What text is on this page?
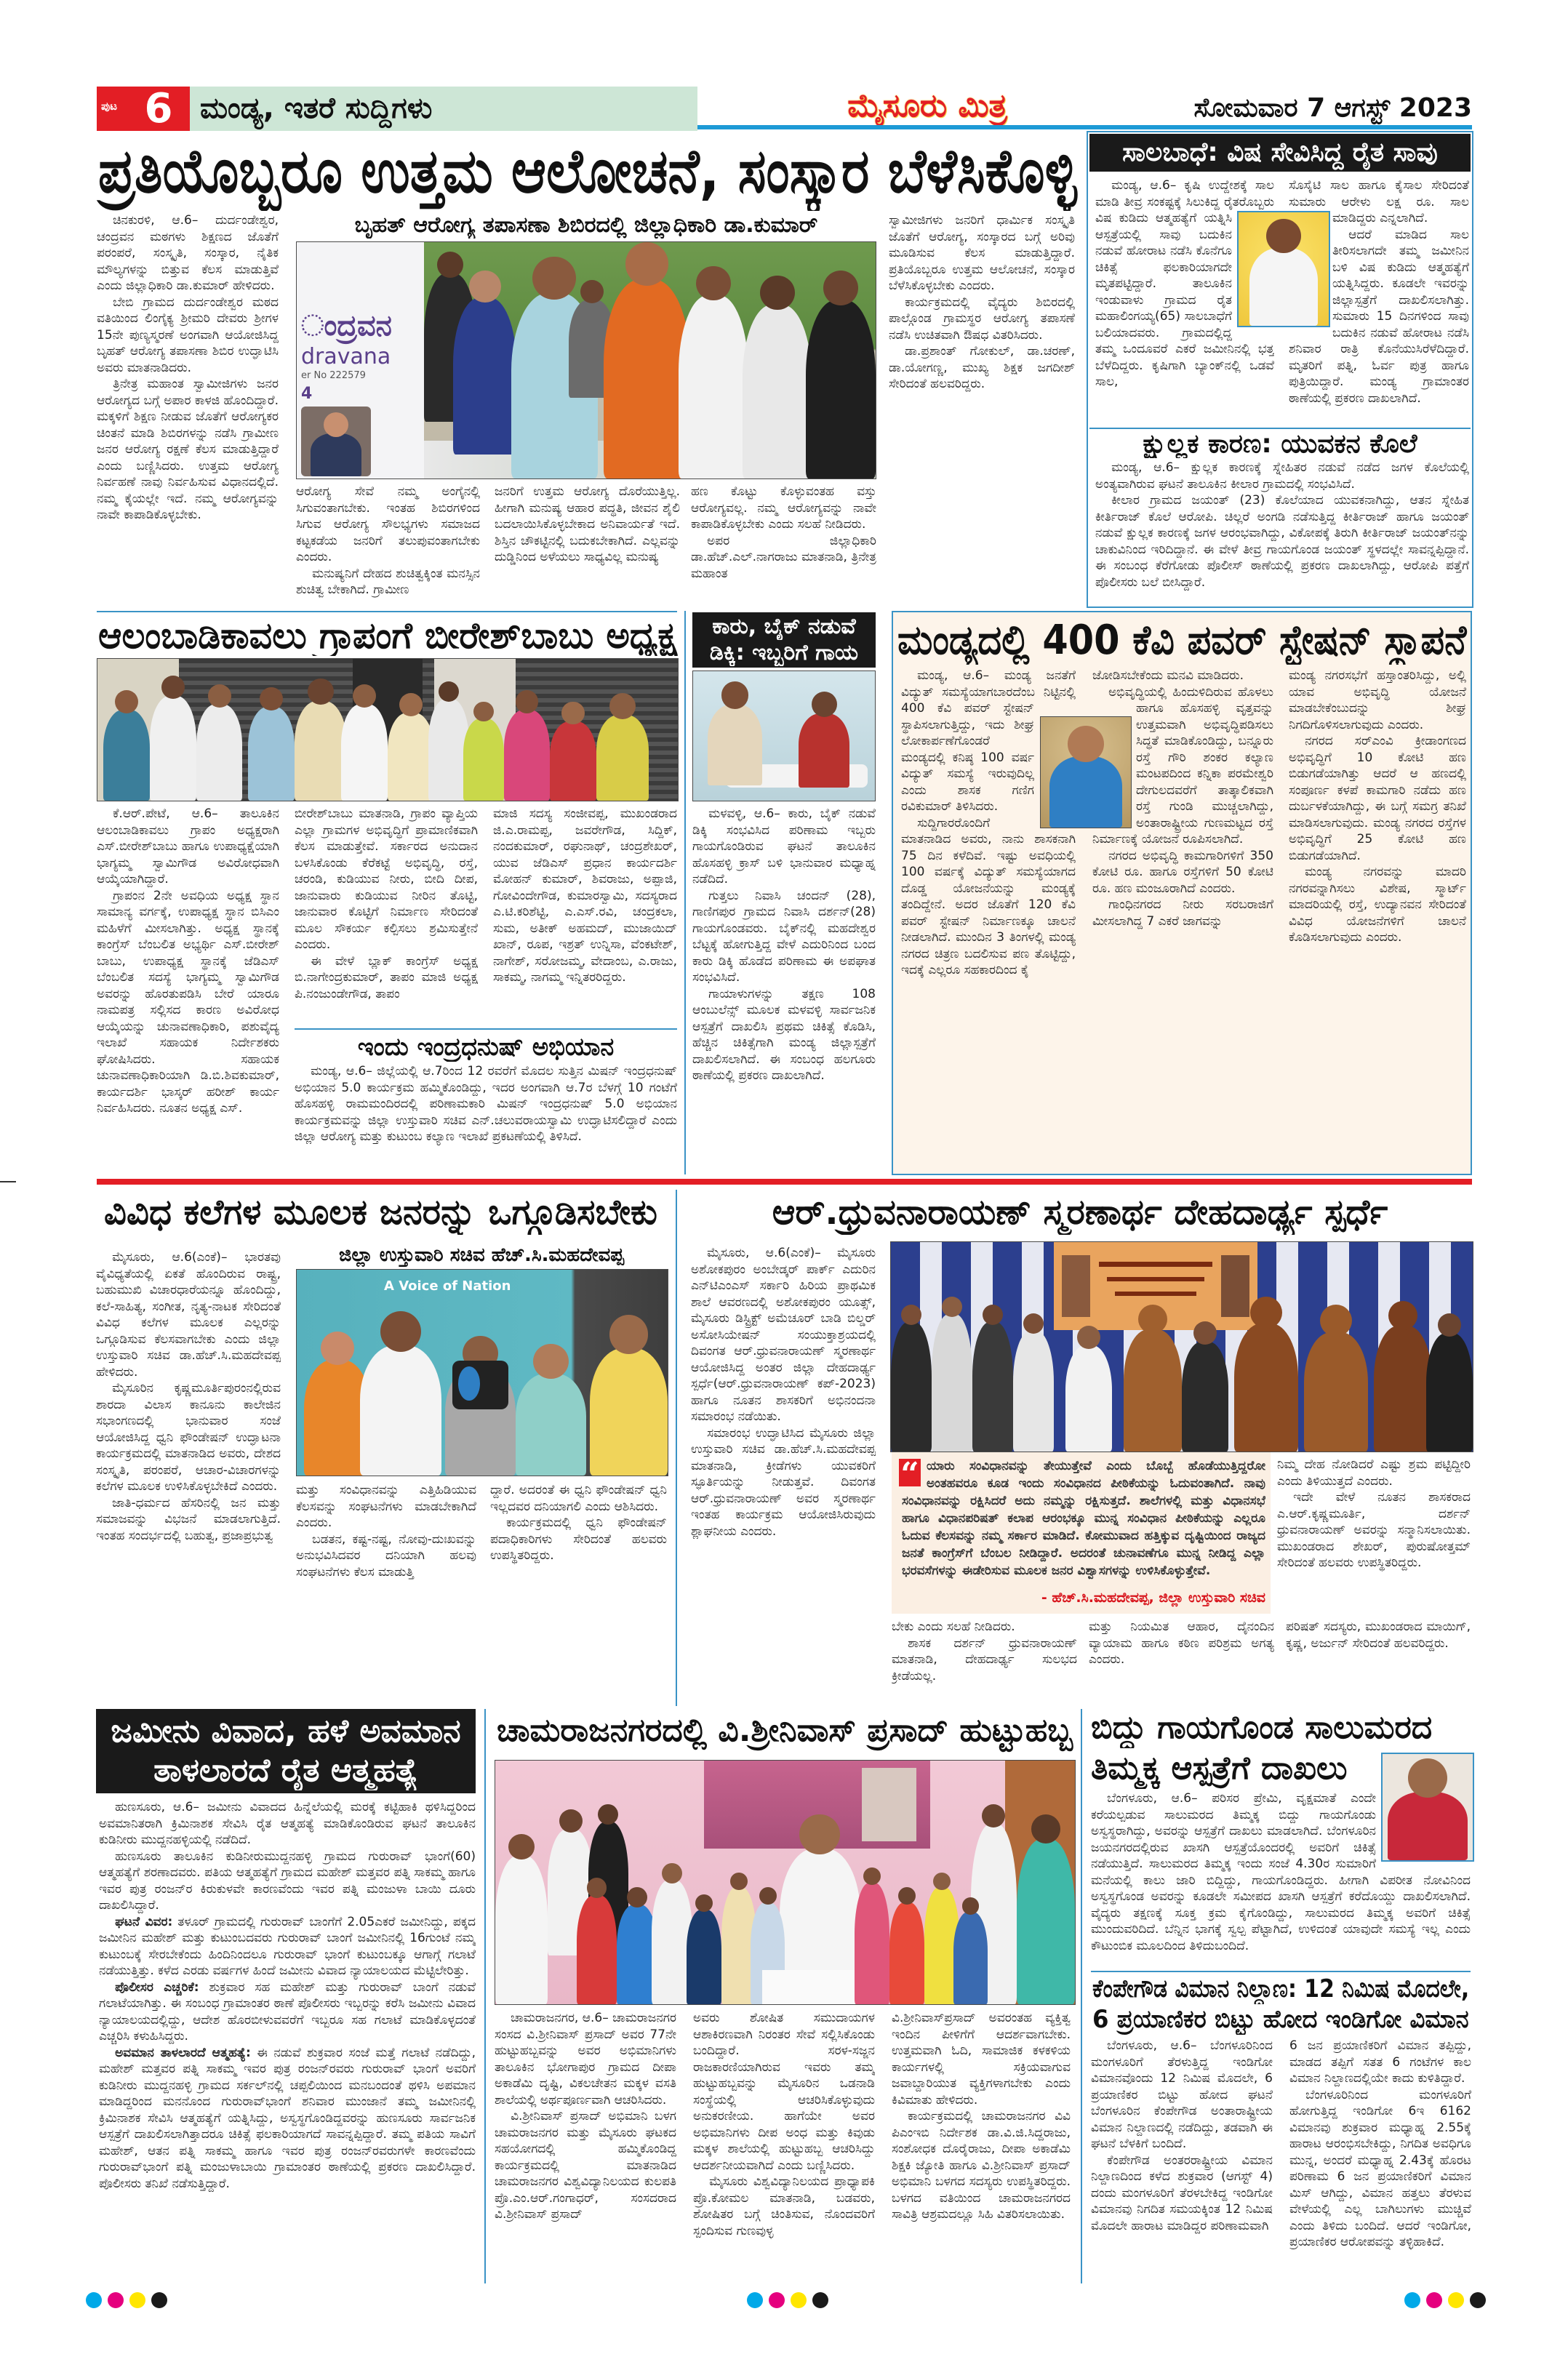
ಪುಟ 6 ಮಂಡ್ಯ, ಇತರೆ ಸುದ್ದಿಗಳು	ಮೈಸೂರು ಮಿತ್ರ	ಸೋಮವಾರ 7 ಆಗಸ್ಟ್ 2023
ಪ್ರತಿಯೊಬ್ಬರೂ ಉತ್ತಮ ಆಲೋಚನೆ, ಸಂಸ್ಕಾರ ಬೆಳೆಸಿಕೊಳ್ಳಿ

ಚಿನಕುರಳಿ, ಆ.6– ದುರ್ದಂಡೇಶ್ವರ, ಚಂದ್ರವನ ಮಠಗಳು ಶಿಕ್ಷಣದ ಜೊತೆಗೆ ಪರಂಪರೆ, ಸಂಸ್ಕೃತಿ, ಸಂಸ್ಕಾರ, ನೈತಿಕ ಮೌಲ್ಯಗಳನ್ನು ಬಿತ್ತುವ ಕೆಲಸ ಮಾಡುತ್ತಿವೆ ಎಂದು ಜಿಲ್ಲಾಧಿಕಾರಿ ಡಾ.ಕುಮಾರ್ ಹೇಳಿದರು.

ಬೇಬಿ ಗ್ರಾಮದ ದುರ್ದಂಡೇಶ್ವರ ಮಠದ ವತಿಯಿಂದ ಲಿಂಗೈಕ್ಯ ಶ್ರೀಮರಿ ದೇವರು ಶ್ರೀಗಳ 15ನೇ ಪುಣ್ಯಸ್ಮರಣೆ ಅಂಗವಾಗಿ ಆಯೋಜಿಸಿದ್ದ ಬೃಹತ್ ಆರೋಗ್ಯ ತಪಾಸಣಾ ಶಿಬಿರ ಉದ್ಘಾಟಿಸಿ ಅವರು ಮಾತನಾಡಿದರು.

ತ್ರಿನೇತ್ರ ಮಹಾಂತ ಸ್ವಾಮೀಜಿಗಳು ಜನರ ಆರೋಗ್ಯದ ಬಗ್ಗೆ ಅಪಾರ ಕಾಳಜಿ ಹೊಂದಿದ್ದಾರೆ. ಮಕ್ಕಳಿಗೆ ಶಿಕ್ಷಣ ನೀಡುವ ಜೊತೆಗೆ ಆರೋಗ್ಯಕರ ಚಿಂತನೆ ಮಾಡಿ ಶಿಬಿರಗಳನ್ನು ನಡೆಸಿ ಗ್ರಾಮೀಣ ಜನರ ಆರೋಗ್ಯ ರಕ್ಷಣೆ ಕೆಲಸ ಮಾಡುತ್ತಿದ್ದಾರೆ ಎಂದು ಬಣ್ಣಿಸಿದರು. ಉತ್ತಮ ಆರೋಗ್ಯ ನಿರ್ವಹಣೆ ನಾವು ನಿರ್ವಹಿಸುವ ವಿಧಾನದಲ್ಲಿದೆ. ನಮ್ಮ ಕೈಯಲ್ಲೇ ಇದೆ. ನಮ್ಮ ಆರೋಗ್ಯವನ್ನು ನಾವೇ ಕಾಪಾಡಿಕೊಳ್ಳಬೇಕು.

ಬೃಹತ್ ಆರೋಗ್ಯ ತಪಾಸಣಾ ಶಿಬಿರದಲ್ಲಿ ಜಿಲ್ಲಾಧಿಕಾರಿ ಡಾ.ಕುಮಾರ್
ಂದ್ರವನ
dravana
er No 222579
4

ಆರೋಗ್ಯ ಸೇವೆ ನಮ್ಮ ಅಂಗೈನಲ್ಲಿ ಸಿಗುವಂತಾಗಬೇಕು. ಇಂತಹ ಶಿಬಿರಗಳಿಂದ ಸಿಗುವ ಆರೋಗ್ಯ ಸೌಲಭ್ಯಗಳು ಸಮಾಜದ ಕಟ್ಟಕಡೆಯ ಜನರಿಗೆ ತಲುಪುವಂತಾಗಬೇಕು ಎಂದರು.

ಮನುಷ್ಯನಿಗೆ ದೇಹದ ಶುಚಿತ್ವಕ್ಕಿಂತ ಮನಸ್ಸಿನ ಶುಚಿತ್ವ ಬೇಕಾಗಿದೆ. ಗ್ರಾಮೀಣ

ಜನರಿಗೆ ಉತ್ತಮ ಆರೋಗ್ಯ ದೊರೆಯುತ್ತಿಲ್ಲ. ಹೀಗಾಗಿ ಮನುಷ್ಯ ಆಹಾರ ಪದ್ಧತಿ, ಜೀವನ ಶೈಲಿ ಬದಲಾಯಿಸಿಕೊಳ್ಳಬೇಕಾದ ಅನಿವಾರ್ಯತೆ ಇದೆ. ಶಿಸ್ತಿನ ಚೌಕಟ್ಟಿನಲ್ಲಿ ಬದುಕಬೇಕಾಗಿದೆ. ಎಲ್ಲವನ್ನು ದುಡ್ಡಿನಿಂದ ಅಳೆಯಲು ಸಾಧ್ಯವಿಲ್ಲ ಮನುಷ್ಯ

ಹಣ ಕೊಟ್ಟು ಕೊಳ್ಳುವಂತಹ ವಸ್ತು ಆರೋಗ್ಯವಲ್ಲ. ನಮ್ಮ ಆರೋಗ್ಯವನ್ನು ನಾವೇ ಕಾಪಾಡಿಕೊಳ್ಳಬೇಕು ಎಂದು ಸಲಹೆ ನೀಡಿದರು.

ಅಪರ ಜಿಲ್ಲಾಧಿಕಾರಿ ಡಾ.ಹೆಚ್.ಎಲ್.ನಾಗರಾಜು ಮಾತನಾಡಿ, ತ್ರಿನೇತ್ರ ಮಹಾಂತ

ಸ್ವಾಮೀಜಿಗಳು ಜನರಿಗೆ ಧಾರ್ಮಿಕ ಸಂಸ್ಕೃತಿ ಜೊತೆಗೆ ಆರೋಗ್ಯ, ಸಂಸ್ಕಾರದ ಬಗ್ಗೆ ಅರಿವು ಮೂಡಿಸುವ ಕೆಲಸ ಮಾಡುತ್ತಿದ್ದಾರೆ. ಪ್ರತಿಯೊಬ್ಬರೂ ಉತ್ತಮ ಆಲೋಚನೆ, ಸಂಸ್ಕಾರ ಬೆಳೆಸಿಕೊಳ್ಳಬೇಕು ಎಂದರು.

ಕಾರ್ಯಕ್ರಮದಲ್ಲಿ ವೈದ್ಯರು ಶಿಬಿರದಲ್ಲಿ ಪಾಲ್ಗೊಂಡ ಗ್ರಾಮಸ್ಥರ ಆರೋಗ್ಯ ತಪಾಸಣೆ ನಡೆಸಿ ಉಚಿತವಾಗಿ ಔಷಧ ವಿತರಿಸಿದರು.

ಡಾ.ಪ್ರಶಾಂತ್ ಗೋಕುಲ್, ಡಾ.ಚರಣ್, ಡಾ.ಯೋಗಣ್ಣ, ಮುಖ್ಯ ಶಿಕ್ಷಕ ಜಗದೀಶ್ ಸೇರಿದಂತೆ ಹಲವರಿದ್ದರು.

ಸಾಲಬಾಧೆ: ವಿಷ ಸೇವಿಸಿದ್ದ ರೈತ ಸಾವು

ಮಂಡ್ಯ, ಆ.6– ಕೃಷಿ ಉದ್ದೇಶಕ್ಕೆ ಸಾಲ ಮಾಡಿ ತೀವ್ರ ಸಂಕಷ್ಟಕ್ಕೆ ಸಿಲುಕಿದ್ದ ರೈತರೊಬ್ಬರು ವಿಷ ಕುಡಿದು ಆತ್ಮಹತ್ಯೆಗೆ ಯತ್ನಿಸಿ ಆಸ್ಪತ್ರೆಯಲ್ಲಿ ಸಾವು ಬದುಕಿನ ನಡುವೆ ಹೋರಾಟ ನಡೆಸಿ ಕೊನೆಗೂ ಚಿಕಿತ್ಸೆ ಫಲಕಾರಿಯಾಗದೇ ಮೃತಪಟ್ಟಿದ್ದಾರೆ. ತಾಲೂಕಿನ ಇಂಡುವಾಳು ಗ್ರಾಮದ ರೈತ ಮಹಾಲಿಂಗಯ್ಯ(65) ಸಾಲಬಾಧೆಗೆ ಬಲಿಯಾದವರು. ಗ್ರಾಮದಲ್ಲಿದ್ದ ತಮ್ಮ ಒಂದೂವರೆ ಎಕರೆ ಜಮೀನಿನಲ್ಲಿ ಭತ್ತ ಬೆಳೆದಿದ್ದರು. ಕೃಷಿಗಾಗಿ ಬ್ಯಾಂಕ್‌ನಲ್ಲಿ ಒಡವೆ ಸಾಲ,

ಸೊಸೈಟಿ ಸಾಲ ಹಾಗೂ ಕೈಸಾಲ ಸೇರಿದಂತೆ ಸುಮಾರು ಆರೇಳು ಲಕ್ಷ ರೂ. ಸಾಲ ಮಾಡಿದ್ದರು ಎನ್ನಲಾಗಿದೆ.

ಆದರೆ ಮಾಡಿದ ಸಾಲ ತೀರಿಸಲಾಗದೇ ತಮ್ಮ ಜಮೀನಿನ ಬಳಿ ವಿಷ ಕುಡಿದು ಆತ್ಮಹತ್ಯೆಗೆ ಯತ್ನಿಸಿದ್ದರು. ಕೂಡಲೇ ಇವರನ್ನು ಜಿಲ್ಲಾಸ್ಪತ್ರೆಗೆ ದಾಖಲಿಸಲಾಗಿತ್ತು. ಸುಮಾರು 15 ದಿನಗಳಿಂದ ಸಾವು ಬದುಕಿನ ನಡುವೆ ಹೋರಾಟ ನಡೆಸಿ ಶನಿವಾರ ರಾತ್ರಿ ಕೊನೆಯುಸಿರೆಳೆದಿದ್ದಾರೆ. ಮೃತರಿಗೆ ಪತ್ನಿ, ಓರ್ವ ಪುತ್ರ ಹಾಗೂ ಪುತ್ರಿಯಿದ್ದಾರೆ. ಮಂಡ್ಯ ಗ್ರಾಮಾಂತರ ಠಾಣೆಯಲ್ಲಿ ಪ್ರಕರಣ ದಾಖಲಾಗಿದೆ.

ಕ್ಷುಲ್ಲಕ ಕಾರಣ: ಯುವಕನ ಕೊಲೆ

ಮಂಡ್ಯ, ಆ.6– ಕ್ಷುಲ್ಲಕ ಕಾರಣಕ್ಕೆ ಸ್ನೇಹಿತರ ನಡುವೆ ನಡೆದ ಜಗಳ ಕೊಲೆಯಲ್ಲಿ ಅಂತ್ಯವಾಗಿರುವ ಘಟನೆ ತಾಲೂಕಿನ ಕೀಲಾರ ಗ್ರಾಮದಲ್ಲಿ ಸಂಭವಿಸಿದೆ.

ಕೀಲಾರ ಗ್ರಾಮದ ಜಯಂತ್ (23) ಕೊಲೆಯಾದ ಯುವಕನಾಗಿದ್ದು, ಆತನ ಸ್ನೇಹಿತ ಕೀರ್ತಿರಾಜ್ ಕೊಲೆ ಆರೋಪಿ. ಚಿಲ್ಲರೆ ಅಂಗಡಿ ನಡೆಸುತ್ತಿದ್ದ ಕೀರ್ತಿರಾಜ್ ಹಾಗೂ ಜಯಂತ್ ನಡುವೆ ಕ್ಷುಲ್ಲಕ ಕಾರಣಕ್ಕೆ ಜಗಳ ಆರಂಭವಾಗಿದ್ದು, ವಿಕೋಪಕ್ಕೆ ತಿರುಗಿ ಕೀರ್ತಿರಾಜ್ ಜಯಂತ್‌ನನ್ನು ಚಾಕುವಿನಿಂದ ಇರಿದಿದ್ದಾನೆ. ಈ ವೇಳೆ ತೀವ್ರ ಗಾಯಗೊಂಡ ಜಯಂತ್ ಸ್ಥಳದಲ್ಲೇ ಸಾವನ್ನಪ್ಪಿದ್ದಾನೆ. ಈ ಸಂಬಂಧ ಕೆರೆಗೋಡು ಪೊಲೀಸ್ ಠಾಣೆಯಲ್ಲಿ ಪ್ರಕರಣ ದಾಖಲಾಗಿದ್ದು, ಆರೋಪಿ ಪತ್ತೆಗೆ ಪೊಲೀಸರು ಬಲೆ ಬೀಸಿದ್ದಾರೆ.

ಆಲಂಬಾಡಿಕಾವಲು ಗ್ರಾಪಂಗೆ ಬೀರೇಶ್‌ಬಾಬು ಅಧ್ಯಕ್ಷ

ಕೆ.ಆರ್.ಪೇಟೆ, ಆ.6– ತಾಲೂಕಿನ ಆಲಂಬಾಡಿಕಾವಲು ಗ್ರಾಪಂ ಅಧ್ಯಕ್ಷರಾಗಿ ಎಸ್.ಬೀರೇಶ್‌ಬಾಬು ಹಾಗೂ ಉಪಾಧ್ಯಕ್ಷೆಯಾಗಿ ಭಾಗ್ಯಮ್ಮ ಸ್ವಾಮಿಗೌಡ ಅವಿರೋಧವಾಗಿ ಆಯ್ಕೆಯಾಗಿದ್ದಾರೆ.

ಗ್ರಾಪಂನ 2ನೇ ಅವಧಿಯ ಅಧ್ಯಕ್ಷ ಸ್ಥಾನ ಸಾಮಾನ್ಯ ವರ್ಗಕ್ಕೆ, ಉಪಾಧ್ಯಕ್ಷ ಸ್ಥಾನ ಬಿಸಿಎಂ ಮಹಿಳೆಗೆ ಮೀಸಲಾಗಿತ್ತು. ಅಧ್ಯಕ್ಷ ಸ್ಥಾನಕ್ಕೆ ಕಾಂಗ್ರೆಸ್ ಬೆಂಬಲಿತ ಅಭ್ಯರ್ಥಿ ಎಸ್.ಬೀರೇಶ್ ಬಾಬು, ಉಪಾಧ್ಯಕ್ಷ ಸ್ಥಾನಕ್ಕೆ ಜೆಡಿಎಸ್ ಬೆಂಬಲಿತ ಸದಸ್ಯೆ ಭಾಗ್ಯಮ್ಮ ಸ್ವಾಮಿಗೌಡ ಅವರನ್ನು ಹೊರತುಪಡಿಸಿ ಬೇರೆ ಯಾರೂ ನಾಮಪತ್ರ ಸಲ್ಲಿಸದ ಕಾರಣ ಅವಿರೋಧ ಆಯ್ಕೆಯನ್ನು ಚುನಾವಣಾಧಿಕಾರಿ, ಪಶುವೈದ್ಯ ಇಲಾಖೆ ಸಹಾಯಕ ನಿರ್ದೇಶಕರು ಘೋಷಿಸಿದರು. ಸಹಾಯಕ ಚುನಾವಣಾಧಿಕಾರಿಯಾಗಿ ಡಿ.ಬಿ.ಶಿವಕುಮಾರ್, ಕಾರ್ಯದರ್ಶಿ ಭಾಸ್ಕರ್ ಹರೀಶ್ ಕಾರ್ಯ ನಿರ್ವಹಿಸಿದರು. ನೂತನ ಅಧ್ಯಕ್ಷ ಎಸ್.

ಬೀರೇಶ್‌ಬಾಬು ಮಾತನಾಡಿ, ಗ್ರಾಪಂ ವ್ಯಾಪ್ತಿಯ ಎಲ್ಲಾ ಗ್ರಾಮಗಳ ಅಭಿವೃದ್ಧಿಗೆ ಪ್ರಾಮಾಣಿಕವಾಗಿ ಕೆಲಸ ಮಾಡುತ್ತೇವೆ. ಸರ್ಕಾರದ ಅನುದಾನ ಬಳಸಿಕೊಂಡು ಕೆರೆಕಟ್ಟೆ ಅಭಿವೃದ್ಧಿ, ರಸ್ತೆ, ಚರಂಡಿ, ಕುಡಿಯುವ ನೀರು, ಬೀದಿ ದೀಪ, ಜಾನುವಾರು ಕುಡಿಯುವ ನೀರಿನ ತೊಟ್ಟಿ, ಜಾನುವಾರ ಕೊಟ್ಟಿಗೆ ನಿರ್ಮಾಣ ಸೇರಿದಂತೆ ಮೂಲ ಸೌಕರ್ಯ ಕಲ್ಪಿಸಲು ಶ್ರಮಿಸುತ್ತೇನೆ ಎಂದರು.

ಈ ವೇಳೆ ಬ್ಲಾಕ್ ಕಾಂಗ್ರೆಸ್ ಅಧ್ಯಕ್ಷ ಬಿ.ನಾಗೇಂದ್ರಕುಮಾರ್, ತಾಪಂ ಮಾಜಿ ಅಧ್ಯಕ್ಷ ಪಿ.ನಂಜುಂಡೇಗೌಡ, ತಾಪಂ

ಮಾಜಿ ಸದಸ್ಯ ಸಂಜೀವಪ್ಪ, ಮುಖಂಡರಾದ ಜಿ.ಎ.ರಾಮಪ್ಪ, ಜವರೇಗೌಡ, ಸಿದ್ದಿಕ್, ನಂದಕುಮಾರ್, ರಘುನಾಥ್, ಚಂದ್ರಶೇಖರ್, ಯುವ ಜೆಡಿಎಸ್ ಪ್ರಧಾನ ಕಾರ್ಯದರ್ಶಿ ಮೋಹನ್ ಕುಮಾರ್, ಶಿವರಾಜು, ಅಪ್ಪಾಜಿ, ಗೋವಿಂದೇಗೌಡ, ಕುಮಾರಸ್ವಾಮಿ, ಸದಸ್ಯರಾದ ಎ.ಟಿ.ಕರಿಶೆಟ್ಟಿ, ಎ.ಎಸ್.ರವಿ, ಚಂದ್ರಕಲಾ, ಸುಮ, ಅತೀಕ್ ಅಹಮದ್, ಮುಜಾಯಿದ್ ಖಾನ್, ರೂಪ, ಇಶ್ರತ್ ಉನ್ನಿಸಾ, ವೆಂಕಟೇಶ್, ನಾಗೇಶ್, ಸರೋಜಮ್ಮ, ವೇದಾಂಬ, ಎ.ರಾಜು, ಸಾಕಮ್ಮ, ನಾಗಮ್ಮ ಇನ್ನಿತರರಿದ್ದರು.

ಇಂದು ಇಂದ್ರಧನುಷ್ ಅಭಿಯಾನ

ಮಂಡ್ಯ, ಆ.6– ಜಿಲ್ಲೆಯಲ್ಲಿ ಆ.7ರಿಂದ 12 ರವರೆಗೆ ಮೊದಲ ಸುತ್ತಿನ ಮಿಷನ್ ಇಂದ್ರಧನುಷ್ ಅಭಿಯಾನ 5.0 ಕಾರ್ಯಕ್ರಮ ಹಮ್ಮಿಕೊಂಡಿದ್ದು, ಇದರ ಅಂಗವಾಗಿ ಆ.7ರ ಬೆಳಗ್ಗೆ 10 ಗಂಟೆಗೆ ಹೊಸಹಳ್ಳಿ ರಾಮಮಂದಿರದಲ್ಲಿ ಪರಿಣಾಮಕಾರಿ ಮಿಷನ್ ಇಂದ್ರಧನುಷ್ 5.0 ಅಭಿಯಾನ ಕಾರ್ಯಕ್ರಮವನ್ನು ಜಿಲ್ಲಾ ಉಸ್ತುವಾರಿ ಸಚಿವ ಎನ್.ಚಲುವರಾಯಸ್ವಾಮಿ ಉದ್ಘಾಟಿಸಲಿದ್ದಾರೆ ಎಂದು ಜಿಲ್ಲಾ ಆರೋಗ್ಯ ಮತ್ತು ಕುಟುಂಬ ಕಲ್ಯಾಣ ಇಲಾಖೆ ಪ್ರಕಟಣೆಯಲ್ಲಿ ತಿಳಿಸಿದೆ.

ಕಾರು, ಬೈಕ್ ನಡುವೆ
ಡಿಕ್ಕಿ: ಇಬ್ಬರಿಗೆ ಗಾಯ

ಮಳವಳ್ಳಿ, ಆ.6– ಕಾರು, ಬೈಕ್ ನಡುವೆ ಡಿಕ್ಕಿ ಸಂಭವಿಸಿದ ಪರಿಣಾಮ ಇಬ್ಬರು ಗಾಯಗೊಂಡಿರುವ ಘಟನೆ ತಾಲೂಕಿನ ಹೊಸಹಳ್ಳಿ ಕ್ರಾಸ್ ಬಳಿ ಭಾನುವಾರ ಮಧ್ಯಾಹ್ನ ನಡೆದಿದೆ.

ಗುತ್ತಲು ನಿವಾಸಿ ಚಂದನ್ (28), ಗಾಣಿಗಪುರ ಗ್ರಾಮದ ನಿವಾಸಿ ದರ್ಶನ್(28) ಗಾಯಗೊಂಡವರು. ಬೈಕ್‌ನಲ್ಲಿ ಮಹದೇಶ್ವರ ಬೆಟ್ಟಕ್ಕೆ ಹೋಗುತ್ತಿದ್ದ ವೇಳೆ ಎದುರಿನಿಂದ ಬಂದ ಕಾರು ಡಿಕ್ಕಿ ಹೊಡೆದ ಪರಿಣಾಮ ಈ ಅಪಘಾತ ಸಂಭವಿಸಿದೆ.

ಗಾಯಾಳುಗಳನ್ನು ತಕ್ಷಣ 108 ಆಂಬುಲೆನ್ಸ್ ಮೂಲಕ ಮಳವಳ್ಳಿ ಸಾರ್ವಜನಿಕ ಆಸ್ಪತ್ರೆಗೆ ದಾಖಲಿಸಿ ಪ್ರಥಮ ಚಿಕಿತ್ಸೆ ಕೊಡಿಸಿ, ಹೆಚ್ಚಿನ ಚಿಕಿತ್ಸೆಗಾಗಿ ಮಂಡ್ಯ ಜಿಲ್ಲಾಸ್ಪತ್ರೆಗೆ ದಾಖಲಿಸಲಾಗಿದೆ. ಈ ಸಂಬಂಧ ಹಲಗೂರು ಠಾಣೆಯಲ್ಲಿ ಪ್ರಕರಣ ದಾಖಲಾಗಿದೆ.

ಮಂಡ್ಯದಲ್ಲಿ 400 ಕೆವಿ ಪವರ್ ಸ್ಟೇಷನ್ ಸ್ಥಾಪನೆ

ಮಂಡ್ಯ, ಆ.6– ಮಂಡ್ಯ ಜನತೆಗೆ ವಿದ್ಯುತ್ ಸಮಸ್ಯೆಯಾಗಬಾರದೆಂಬ ನಿಟ್ಟಿನಲ್ಲಿ 400 ಕೆವಿ ಪವರ್ ಸ್ಟೇಷನ್ ಸ್ಥಾಪಿಸಲಾಗುತ್ತಿದ್ದು, ಇದು ಶೀಘ್ರ ಲೋಕಾರ್ಪಣೆಗೊಂಡರೆ ಮಂಡ್ಯದಲ್ಲಿ ಕನಿಷ್ಠ 100 ವರ್ಷ ವಿದ್ಯುತ್ ಸಮಸ್ಯೆ ಇರುವುದಿಲ್ಲ ಎಂದು ಶಾಸಕ ಗಣಿಗ ರವಿಕುಮಾರ್ ತಿಳಿಸಿದರು.

ಸುದ್ದಿಗಾರರೊಂದಿಗೆ ಮಾತನಾಡಿದ ಅವರು, ನಾನು ಶಾಸಕನಾಗಿ 75 ದಿನ ಕಳೆದಿವೆ. ಇಷ್ಟು ಅವಧಿಯಲ್ಲಿ 100 ವರ್ಷಕ್ಕೆ ವಿದ್ಯುತ್ ಸಮಸ್ಯೆಯಾಗದ ದೊಡ್ಡ ಯೋಜನೆಯನ್ನು ಮಂಡ್ಯಕ್ಕೆ ತಂದಿದ್ದೇನೆ. ಅದರ ಜೊತೆಗೆ 120 ಕೆವಿ ಪವರ್ ಸ್ಟೇಷನ್ ನಿರ್ಮಾಣಕ್ಕೂ ಚಾಲನೆ ನೀಡಲಾಗಿದೆ. ಮುಂದಿನ 3 ತಿಂಗಳಲ್ಲಿ ಮಂಡ್ಯ ನಗರದ ಚಿತ್ರಣ ಬದಲಿಸುವ ಪಣ ತೊಟ್ಟಿದ್ದು, ಇದಕ್ಕೆ ಎಲ್ಲರೂ ಸಹಕಾರದಿಂದ ಕೈ

ಜೋಡಿಸಬೇಕೆಂದು ಮನವಿ ಮಾಡಿದರು.

ಅಭಿವೃದ್ಧಿಯಲ್ಲಿ ಹಿಂದುಳಿದಿರುವ ಹೊಳಲು ಹಾಗೂ ಹೊಸಹಳ್ಳಿ ವೃತ್ತವನ್ನು ಉತ್ತಮವಾಗಿ ಅಭಿವೃದ್ಧಿಪಡಿಸಲು ಸಿದ್ಧತೆ ಮಾಡಿಕೊಂಡಿದ್ದು, ಬನ್ನೂರು ರಸ್ತೆ ಗೌರಿ ಶಂಕರ ಕಲ್ಯಾಣ ಮಂಟಪದಿಂದ ಕನ್ನಿಕಾ ಪರಮೇಶ್ವರಿ ದೇಗುಲದವರೆಗೆ ತಾತ್ಕಾಲಿಕವಾಗಿ ರಸ್ತೆ ಗುಂಡಿ ಮುಚ್ಚಲಾಗಿದ್ದು, ಅಂತಾರಾಷ್ಟ್ರೀಯ ಗುಣಮಟ್ಟದ ರಸ್ತೆ ನಿರ್ಮಾಣಕ್ಕೆ ಯೋಜನೆ ರೂಪಿಸಲಾಗಿದೆ.

ನಗರದ ಅಭಿವೃದ್ಧಿ ಕಾಮಗಾರಿಗಳಿಗೆ 350 ಕೋಟಿ ರೂ. ಹಾಗೂ ರಸ್ತೆಗಳಿಗೆ 50 ಕೋಟಿ ರೂ. ಹಣ ಮಂಜೂರಾಗಿದೆ ಎಂದರು.

ಗಾಂಧಿನಗರದ ನೀರು ಸರಬರಾಜಿಗೆ ಮೀಸಲಾಗಿದ್ದ 7 ಎಕರೆ ಜಾಗವನ್ನು

ಮಂಡ್ಯ ನಗರಸಭೆಗೆ ಹಸ್ತಾಂತರಿಸಿದ್ದು, ಅಲ್ಲಿ ಯಾವ ಅಭಿವೃದ್ಧಿ ಯೋಜನೆ ಮಾಡಬೇಕೆಂಬುದನ್ನು ಶೀಘ್ರ ನಿಗದಿಗೊಳಿಸಲಾಗುವುದು ಎಂದರು.

ನಗರದ ಸರ್‌ಎಂವಿ ಕ್ರೀಡಾಂಗಣದ ಅಭಿವೃದ್ಧಿಗೆ 10 ಕೋಟಿ ಹಣ ಬಿಡುಗಡೆಯಾಗಿತ್ತು ಆದರೆ ಆ ಹಣದಲ್ಲಿ ಸಂಪೂರ್ಣ ಕಳಪೆ ಕಾಮಗಾರಿ ನಡೆದು ಹಣ ದುರ್ಬಳಕೆಯಾಗಿದ್ದು, ಈ ಬಗ್ಗೆ ಸಮಗ್ರ ತನಿಖೆ ಮಾಡಿಸಲಾಗುವುದು. ಮಂಡ್ಯ ನಗರದ ರಸ್ತೆಗಳ ಅಭಿವೃದ್ಧಿಗೆ 25 ಕೋಟಿ ಹಣ ಬಿಡುಗಡೆಯಾಗಿದೆ.

ಮಂಡ್ಯ ನಗರವನ್ನು ಮಾದರಿ ನಗರವನ್ನಾಗಿಸಲು ವಿಶೇಷ, ಸ್ಮಾರ್ಟ್ ಮಾದರಿಯಲ್ಲಿ ರಸ್ತೆ, ಉದ್ಯಾನವನ ಸೇರಿದಂತೆ ವಿವಿಧ ಯೋಜನೆಗಳಿಗೆ ಚಾಲನೆ ಕೊಡಿಸಲಾಗುವುದು ಎಂದರು.

ವಿವಿಧ ಕಲೆಗಳ ಮೂಲಕ ಜನರನ್ನು ಒಗ್ಗೂಡಿಸಬೇಕು

ಮೈಸೂರು, ಆ.6(ಎಂಕೆ)– ಭಾರತವು ವೈವಿಧ್ಯತೆಯಲ್ಲಿ ಏಕತೆ ಹೊಂದಿರುವ ರಾಷ್ಟ್ರ, ಬಹುಮುಖಿ ವಿಚಾರಧಾರೆಯನ್ನೂ ಹೊಂದಿದ್ದು, ಕಲೆ-ಸಾಹಿತ್ಯ, ಸಂಗೀತ, ನೃತ್ಯ-ನಾಟಕ ಸೇರಿದಂತೆ ವಿವಿಧ ಕಲೆಗಳ ಮೂಲಕ ಎಲ್ಲರನ್ನು ಒಗ್ಗೂಡಿಸುವ ಕೆಲಸವಾಗಬೇಕು ಎಂದು ಜಿಲ್ಲಾ ಉಸ್ತುವಾರಿ ಸಚಿವ ಡಾ.ಹೆಚ್.ಸಿ.ಮಹದೇವಪ್ಪ ಹೇಳಿದರು.

ಮೈಸೂರಿನ ಕೃಷ್ಣಮೂರ್ತಿಪುರಂನಲ್ಲಿರುವ ಶಾರದಾ ವಿಲಾಸ ಕಾನೂನು ಕಾಲೇಜಿನ ಸಭಾಂಗಣದಲ್ಲಿ ಭಾನುವಾರ ಸಂಜೆ ಆಯೋಜಿಸಿದ್ದ ಧ್ವನಿ ಫೌಂಡೇಷನ್ ಉದ್ಘಾಟನಾ ಕಾರ್ಯಕ್ರಮದಲ್ಲಿ ಮಾತನಾಡಿದ ಅವರು, ದೇಶದ ಸಂಸ್ಕೃತಿ, ಪರಂಪರೆ, ಆಚಾರ-ವಿಚಾರಗಳನ್ನು ಕಲೆಗಳ ಮೂಲಕ ಉಳಿಸಿಕೊಳ್ಳಬೇಕಿದೆ ಎಂದರು.

ಜಾತಿ-ಧರ್ಮದ ಹೆಸರಿನಲ್ಲಿ ಜನ ಮತ್ತು ಸಮಾಜವನ್ನು ವಿಭಜನೆ ಮಾಡಲಾಗುತ್ತಿದೆ. ಇಂತಹ ಸಂದರ್ಭದಲ್ಲಿ ಬಹುತ್ವ, ಪ್ರಜಾಪ್ರಭುತ್ವ

ಜಿಲ್ಲಾ ಉಸ್ತುವಾರಿ ಸಚಿವ ಹೆಚ್.ಸಿ.ಮಹದೇವಪ್ಪ
A Voice of Nation

ಮತ್ತು ಸಂವಿಧಾನವನ್ನು ಎತ್ತಿಹಿಡಿಯುವ ಕೆಲಸವನ್ನು ಸಂಘಟನೆಗಳು ಮಾಡಬೇಕಾಗಿದೆ ಎಂದರು.

ಬಡತನ, ಕಷ್ಟ-ನಷ್ಟ, ನೋವು-ದುಃಖವನ್ನು ಅನುಭವಿಸಿದವರ ದನಿಯಾಗಿ ಹಲವು ಸಂಘಟನೆಗಳು ಕೆಲಸ ಮಾಡುತ್ತಿ

ದ್ದಾರೆ. ಅದರಂತೆ ಈ ಧ್ವನಿ ಫೌಂಡೇಷನ್ ಧ್ವನಿ ಇಲ್ಲದವರ ದನಿಯಾಗಲಿ ಎಂದು ಆಶಿಸಿದರು.

ಕಾರ್ಯಕ್ರಮದಲ್ಲಿ ಧ್ವನಿ ಫೌಂಡೇಷನ್ ಪದಾಧಿಕಾರಿಗಳು ಸೇರಿದಂತೆ ಹಲವರು ಉಪಸ್ಥಿತರಿದ್ದರು.

ಆರ್.ಧ್ರುವನಾರಾಯಣ್ ಸ್ಮರಣಾರ್ಥ ದೇಹದಾರ್ಢ್ಯ ಸ್ಪರ್ಧೆ

ಮೈಸೂರು, ಆ.6(ಎಂಕೆ)– ಮೈಸೂರು ಅಶೋಕಪುರಂ ಅಂಬೇಡ್ಕರ್ ಪಾರ್ಕ್ ಎದುರಿನ ಎನ್‌ಟಿಎಂಎಸ್ ಸರ್ಕಾರಿ ಹಿರಿಯ ಪ್ರಾಥಮಿಕ ಶಾಲೆ ಆವರಣದಲ್ಲಿ ಅಶೋಕಪುರಂ ಯೂತ್ಸ್, ಮೈಸೂರು ಡಿಸ್ಟ್ರಿಕ್ಟ್ ಅಮೆಚೂರ್ ಬಾಡಿ ಬಿಲ್ಡರ್ ಅಸೋಸಿಯೇಷನ್ ಸಂಯುಕ್ತಾಶ್ರಯದಲ್ಲಿ ದಿವಂಗತ ಆರ್.ಧ್ರುವನಾರಾಯಣ್ ಸ್ಮರಣಾರ್ಥ ಆಯೋಜಿಸಿದ್ದ ಅಂತರ ಜಿಲ್ಲಾ ದೇಹದಾರ್ಢ್ಯ ಸ್ಪರ್ಧೆ(ಆರ್.ಧ್ರುವನಾರಾಯಣ್ ಕಪ್-2023) ಹಾಗೂ ನೂತನ ಶಾಸಕರಿಗೆ ಅಭಿನಂದನಾ ಸಮಾರಂಭ ನಡೆಯಿತು.

ಸಮಾರಂಭ ಉದ್ಘಾಟಿಸಿದ ಮೈಸೂರು ಜಿಲ್ಲಾ ಉಸ್ತುವಾರಿ ಸಚಿವ ಡಾ.ಹೆಚ್.ಸಿ.ಮಹದೇವಪ್ಪ ಮಾತನಾಡಿ, ಕ್ರೀಡೆಗಳು ಯುವಕರಿಗೆ ಸ್ಫೂರ್ತಿಯನ್ನು ನೀಡುತ್ತವೆ. ದಿವಂಗತ ಆರ್.ಧ್ರುವನಾರಾಯಣ್ ಅವರ ಸ್ಮರಣಾರ್ಥ ಇಂತಹ ಕಾರ್ಯಕ್ರಮ ಆಯೋಜಿಸಿರುವುದು ಶ್ಲಾಘನೀಯ ಎಂದರು.

“ ಯಾರು ಸಂವಿಧಾನವನ್ನು ತೇಯುತ್ತೇವೆ ಎಂದು ಬೊಬ್ಬೆ ಹೊಡೆಯುತ್ತಿದ್ದರೋ ಅಂತಹವರೂ ಕೂಡ ಇಂದು ಸಂವಿಧಾನದ ಪೀಠಿಕೆಯನ್ನು ಓದುವಂತಾಗಿದೆ. ನಾವು ಸಂವಿಧಾನವನ್ನು ರಕ್ಷಿಸಿದರೆ ಅದು ನಮ್ಮನ್ನು ರಕ್ಷಿಸುತ್ತದೆ. ಶಾಲೆಗಳಲ್ಲಿ ಮತ್ತು ವಿಧಾನಸಭೆ ಹಾಗೂ ವಿಧಾನಪರಿಷತ್ ಕಲಾಪ ಆರಂಭಕ್ಕೂ ಮುನ್ನ ಸಂವಿಧಾನ ಪೀಠಿಕೆಯನ್ನು ಎಲ್ಲರೂ ಓದುವ ಕೆಲಸವನ್ನು ನಮ್ಮ ಸರ್ಕಾರ ಮಾಡಿದೆ. ಕೋಮುವಾದ ಹತ್ತಿಕ್ಕುವ ದೃಷ್ಟಿಯಿಂದ ರಾಜ್ಯದ ಜನತೆ ಕಾಂಗ್ರೆಸ್‌ಗೆ ಬೆಂಬಲ ನೀಡಿದ್ದಾರೆ. ಅದರಂತೆ ಚುನಾವಣೆಗೂ ಮುನ್ನ ನೀಡಿದ್ದ ಎಲ್ಲಾ ಭರವಸೆಗಳನ್ನು ಈಡೇರಿಸುವ ಮೂಲಕ ಜನರ ವಿಶ್ವಾಸಗಳನ್ನು ಉಳಿಸಿಕೊಳ್ಳುತ್ತೇವೆ.

- ಹೆಚ್.ಸಿ.ಮಹದೇವಪ್ಪ, ಜಿಲ್ಲಾ ಉಸ್ತುವಾರಿ ಸಚಿವ

ನಿಮ್ಮ ದೇಹ ನೋಡಿದರೆ ಎಷ್ಟು ಶ್ರಮ ಪಟ್ಟಿದ್ದೀರಿ ಎಂದು ತಿಳಿಯುತ್ತದೆ ಎಂದರು.

ಇದೇ ವೇಳೆ ನೂತನ ಶಾಸಕರಾದ ಎ.ಆರ್.ಕೃಷ್ಣಮೂರ್ತಿ, ದರ್ಶನ್ ಧ್ರುವನಾರಾಯಣ್ ಅವರನ್ನು ಸನ್ಮಾನಿಸಲಾಯಿತು. ಮುಖಂಡರಾದ ಶೇಖರ್, ಪುರುಷೋತ್ತಮ್ ಸೇರಿದಂತೆ ಹಲವರು ಉಪಸ್ಥಿತರಿದ್ದರು.

ಬೇಕು ಎಂದು ಸಲಹೆ ನೀಡಿದರು.

ಶಾಸಕ ದರ್ಶನ್ ಧ್ರುವನಾರಾಯಣ್ ಮಾತನಾಡಿ, ದೇಹದಾರ್ಢ್ಯ ಸುಲಭದ ಕ್ರೀಡೆಯಲ್ಲ.

ಮತ್ತು ನಿಯಮಿತ ಆಹಾರ, ದೈನಂದಿನ ವ್ಯಾಯಾಮ ಹಾಗೂ ಕಠಿಣ ಪರಿಶ್ರಮ ಅಗತ್ಯ ಎಂದರು.

ಪರಿಷತ್ ಸದಸ್ಯರು, ಮುಖಂಡರಾದ ಮಾಯಿಗ್, ಕೃಷ್ಣ, ಅರ್ಜುನ್ ಸೇರಿದಂತೆ ಹಲವರಿದ್ದರು.

ಜಮೀನು ವಿವಾದ, ಹಳೆ ಅವಮಾನ
ತಾಳಲಾರದೆ ರೈತ ಆತ್ಮಹತ್ಯೆ

ಹುಣಸೂರು, ಆ.6– ಜಮೀನು ವಿವಾದದ ಹಿನ್ನೆಲೆಯಲ್ಲಿ ಮರಕ್ಕೆ ಕಟ್ಟಿಹಾಕಿ ಥಳಿಸಿದ್ದರಿಂದ ಅವಮಾನಿತರಾಗಿ ಕ್ರಿಮಿನಾಶಕ ಸೇವಿಸಿ ರೈತ ಆತ್ಮಹತ್ಯೆ ಮಾಡಿಕೊಂಡಿರುವ ಘಟನೆ ತಾಲೂಕಿನ ಕುಡಿನೀರು ಮುದ್ದನಹಳ್ಳಿಯಲ್ಲಿ ನಡೆದಿದೆ.

ಹುಣಸೂರು ತಾಲೂಕಿನ ಕುಡಿನೀರುಮುದ್ದನಹಳ್ಳಿ ಗ್ರಾಮದ ಗುರುರಾವ್ ಭಾಂಗೆ(60) ಆತ್ಮಹತ್ಯೆಗೆ ಶರಣಾದವರು. ಪತಿಯ ಆತ್ಮಹತ್ಯೆಗೆ ಗ್ರಾಮದ ಮಹೇಶ್ ಮತ್ತವರ ಪತ್ನಿ ಸಾಕಮ್ಮ ಹಾಗೂ ಇವರ ಪುತ್ರ ರಂಜನ್‌ರ ಕಿರುಕುಳವೇ ಕಾರಣವೆಂದು ಇವರ ಪತ್ನಿ ಮಂಜುಳಾ ಬಾಯಿ ದೂರು ದಾಖಲಿಸಿದ್ದಾರೆ.

ಘಟನೆ ವಿವರ: ತಳೂರ್ ಗ್ರಾಮದಲ್ಲಿ ಗುರುರಾವ್ ಬಾಂಗೆಗೆ 2.05ಎಕರೆ ಜಮೀನಿದ್ದು, ಪಕ್ಕದ ಜಮೀನಿನ ಮಹೇಶ್ ಮತ್ತು ಕುಟುಂಬದವರು ಗುರುರಾವ್ ಬಾಂಗೆ ಜಮೀನಿನಲ್ಲಿ 16ಗುಂಟೆ ನಮ್ಮ ಕುಟುಂಬಕ್ಕೆ ಸೇರಬೇಕೆಂದು ಹಿಂದಿನಿಂದಲೂ ಗುರುರಾವ್ ಭಾಂಗೆ ಕುಟುಂಬಕ್ಕೂ ಆಗಾಗ್ಗೆ ಗಲಾಟೆ ನಡೆಯುತ್ತಿತ್ತು. ಕಳೆದ ಎರಡು ವರ್ಷಗಳ ಹಿಂದೆ ಜಮೀನು ವಿವಾದ ನ್ಯಾಯಾಲಯದ ಮೆಟ್ಟಿಲೇರಿತ್ತು.

ಪೊಲೀಸರ ಎಚ್ಚರಿಕೆ: ಶುಕ್ರವಾರ ಸಹ ಮಹೇಶ್ ಮತ್ತು ಗುರುರಾವ್ ಬಾಂಗೆ ನಡುವೆ ಗಲಾಟೆಯಾಗಿತ್ತು. ಈ ಸಂಬಂಧ ಗ್ರಾಮಾಂತರ ಠಾಣೆ ಪೊಲೀಸರು ಇಬ್ಬರನ್ನು ಕರೆಸಿ ಜಮೀನು ವಿವಾದ ನ್ಯಾಯಾಲಯದಲ್ಲಿದ್ದು, ಆದೇಶ ಹೊರಬೀಳುವವರೆಗೆ ಇಬ್ಬರೂ ಸಹ ಗಲಾಟೆ ಮಾಡಿಕೊಳ್ಳದಂತೆ ಎಚ್ಚರಿಸಿ ಕಳುಹಿಸಿದ್ದರು.

ಅವಮಾನ ತಾಳಲಾರದೆ ಆತ್ಮಹತ್ಯೆ: ಈ ನಡುವೆ ಶುಕ್ರವಾರ ಸಂಜೆ ಮತ್ತೆ ಗಲಾಟೆ ನಡೆದಿದ್ದು, ಮಹೇಶ್ ಮತ್ತವರ ಪತ್ನಿ ಸಾಕಮ್ಮ ಇವರ ಪುತ್ರ ರಂಜನ್‌ರವರು ಗುರುರಾವ್ ಭಾಂಗೆ ಅವರಿಗೆ ಕುಡಿನೀರು ಮುದ್ದನಹಳ್ಳಿ ಗ್ರಾಮದ ಸರ್ಕಲ್‌ನಲ್ಲಿ ಚಪ್ಪಲಿಯಿಂದ ಮನಬಂದಂತೆ ಥಳಿಸಿ ಅಪಮಾನ ಮಾಡಿದ್ದರಿಂದ ಮನನೊಂದ ಗುರುರಾವ್‌ಭಾಂಗೆ ಶನಿವಾರ ಮುಂಜಾನೆ ತಮ್ಮ ಜಮೀನಿನಲ್ಲಿ ಕ್ರಿಮಿನಾಶಕ ಸೇವಿಸಿ ಆತ್ಮಹತ್ಯೆಗೆ ಯತ್ನಿಸಿದ್ದು, ಅಸ್ವಸ್ಥಗೊಂಡಿದ್ದವರನ್ನು ಹುಣಸೂರು ಸಾರ್ವಜನಿಕ ಆಸ್ಪತ್ರೆಗೆ ದಾಖಲಿಸಲಾಗಿತ್ತಾದರೂ ಚಿಕಿತ್ಸೆ ಫಲಕಾರಿಯಾಗದೆ ಸಾವನ್ನಪ್ಪಿದ್ದಾರೆ. ತಮ್ಮ ಪತಿಯ ಸಾವಿಗೆ ಮಹೇಶ್, ಆತನ ಪತ್ನಿ ಸಾಕಮ್ಮ ಹಾಗೂ ಇವರ ಪುತ್ರ ರಂಜನ್‌ರವರುಗಳೇ ಕಾರಣವೆಂದು ಗುರುರಾವ್‌ಭಾಂಗೆ ಪತ್ನಿ ಮಂಜುಳಾಬಾಯಿ ಗ್ರಾಮಾಂತರ ಠಾಣೆಯಲ್ಲಿ ಪ್ರಕರಣ ದಾಖಲಿಸಿದ್ದಾರೆ. ಪೊಲೀಸರು ತನಿಖೆ ನಡೆಸುತ್ತಿದ್ದಾರೆ.

ಚಾಮರಾಜನಗರದಲ್ಲಿ ವಿ.ಶ್ರೀನಿವಾಸ್ ಪ್ರಸಾದ್ ಹುಟ್ಟುಹಬ್ಬ

ಚಾಮರಾಜನಗರ, ಆ.6– ಚಾಮರಾಜನಗರ ಸಂಸದ ವಿ.ಶ್ರೀನಿವಾಸ್ ಪ್ರಸಾದ್ ಅವರ 77ನೇ ಹುಟ್ಟುಹಬ್ಬವನ್ನು ಅವರ ಅಭಿಮಾನಿಗಳು ತಾಲೂಕಿನ ಭೋಗಾಪುರ ಗ್ರಾಮದ ದೀಪಾ ಅಕಾಡೆಮಿ ದೃಷ್ಟಿ, ವಿಕಲಚೇತನ ಮಕ್ಕಳ ವಸತಿ ಶಾಲೆಯಲ್ಲಿ ಅರ್ಥಪೂರ್ಣವಾಗಿ ಆಚರಿಸಿದರು.

ವಿ.ಶ್ರೀನಿವಾಸ್ ಪ್ರಸಾದ್ ಅಭಿಮಾನಿ ಬಳಗ ಚಾಮರಾಜನಗರ ಮತ್ತು ಮೈಸೂರು ಘಟಕದ ಸಹಯೋಗದಲ್ಲಿ ಹಮ್ಮಿಕೊಂಡಿದ್ದ ಕಾರ್ಯಕ್ರಮದಲ್ಲಿ ಮಾತನಾಡಿದ ಚಾಮರಾಜನಗರ ವಿಶ್ವವಿದ್ಯಾನಿಲಯದ ಕುಲಪತಿ ಪ್ರೊ.ಎಂ.ಆರ್.ಗಂಗಾಧರ್, ಸಂಸದರಾದ ವಿ.ಶ್ರೀನಿವಾಸ್ ಪ್ರಸಾದ್

ಅವರು ಶೋಷಿತ ಸಮುದಾಯಗಳ ಆಶಾಕಿರಣವಾಗಿ ನಿರಂತರ ಸೇವೆ ಸಲ್ಲಿಸಿಕೊಂಡು ಬಂದಿದ್ದಾರೆ. ಸರಳ-ಸಜ್ಜನ ರಾಜಕಾರಣಿಯಾಗಿರುವ ಇವರು ತಮ್ಮ ಹುಟ್ಟುಹಬ್ಬವನ್ನು ಮೈಸೂರಿನ ಒಡನಾಡಿ ಸಂಸ್ಥೆಯಲ್ಲಿ ಆಚರಿಸಿಕೊಳ್ಳುವುದು ಅನುಕರಣೀಯ. ಹಾಗೆಯೇ ಅವರ ಅಭಿಮಾನಿಗಳು ದೀಪ ಅಂಧ ಮತ್ತು ಕಿವುಡು ಮಕ್ಕಳ ಶಾಲೆಯಲ್ಲಿ ಹುಟ್ಟುಹಬ್ಬ ಆಚರಿಸಿದ್ದು ಆದರ್ಶನೀಯವಾಗಿದೆ ಎಂದು ಬಣ್ಣಿಸಿದರು.

ಮೈಸೂರು ವಿಶ್ವವಿದ್ಯಾನಿಲಯದ ಪ್ರಾಧ್ಯಾಪಕಿ ಪ್ರೊ.ಕೋಮಲ ಮಾತನಾಡಿ, ಬಡವರು, ಶೋಷಿತರ ಬಗ್ಗೆ ಚಿಂತಿಸುವ, ನೊಂದವರಿಗೆ ಸ್ಪಂದಿಸುವ ಗುಣವುಳ್ಳ

ವಿ.ಶ್ರೀನಿವಾಸ್‌ಪ್ರಸಾದ್ ಅವರಂತಹ ವ್ಯಕ್ತಿತ್ವ ಇಂದಿನ ಪೀಳಿಗೆಗೆ ಆದರ್ಶವಾಗಬೇಕು. ಉತ್ತಮವಾಗಿ ಓದಿ, ಸಾಮಾಜಿಕ ಕಳಕಳಿಯ ಕಾರ್ಯಗಳಲ್ಲಿ ಸಕ್ರಿಯವಾಗುವ ಜವಾಬ್ದಾರಿಯುತ ವ್ಯಕ್ತಿಗಳಾಗಬೇಕು ಎಂದು ಕಿವಿಮಾತು ಹೇಳಿದರು.

ಕಾರ್ಯಕ್ರಮದಲ್ಲಿ ಚಾಮರಾಜನಗರ ವಿವಿ ಪಿಎಂಇಬಿ ನಿರ್ದೇಶಕ ಡಾ.ವಿ.ಜಿ.ಸಿದ್ದರಾಜು, ಸಂಶೋಧಕ ದೊರೈರಾಜು, ದೀಪಾ ಅಕಾಡೆಮಿ ಶಿಕ್ಷಕಿ ಜ್ಯೋತಿ ಹಾಗೂ ವಿ.ಶ್ರೀನಿವಾಸ್ ಪ್ರಸಾದ್ ಅಭಿಮಾನಿ ಬಳಗದ ಸದಸ್ಯರು ಉಪಸ್ಥಿತರಿದ್ದರು. ಬಳಗದ ವತಿಯಿಂದ ಚಾಮರಾಜನಗರದ ಸಾವಿತ್ರಿ ಆಶ್ರಮದಲ್ಲೂ ಸಿಹಿ ವಿತರಿಸಲಾಯಿತು.

ಬಿದ್ದು ಗಾಯಗೊಂಡ ಸಾಲುಮರದ
ತಿಮ್ಮಕ್ಕ ಆಸ್ಪತ್ರೆಗೆ ದಾಖಲು

ಬೆಂಗಳೂರು, ಆ.6– ಪರಿಸರ ಪ್ರೇಮಿ, ವೃಕ್ಷಮಾತೆ ಎಂದೇ ಕರೆಯಲ್ಪಡುವ ಸಾಲುಮರದ ತಿಮ್ಮಕ್ಕ ಬಿದ್ದು ಗಾಯಗೊಂಡು ಅಸ್ವಸ್ಥರಾಗಿದ್ದು, ಅವರನ್ನು ಆಸ್ಪತ್ರೆಗೆ ದಾಖಲು ಮಾಡಲಾಗಿದೆ. ಬೆಂಗಳೂರಿನ ಜಯನಗರದಲ್ಲಿರುವ ಖಾಸಗಿ ಆಸ್ಪತ್ರೆಯೊಂದರಲ್ಲಿ ಅವರಿಗೆ ಚಿಕಿತ್ಸೆ ನಡೆಯುತ್ತಿದೆ. ಸಾಲುಮರದ ತಿಮ್ಮಕ್ಕ ಇಂದು ಸಂಜೆ 4.30ರ ಸುಮಾರಿಗೆ ಮನೆಯಲ್ಲಿ ಕಾಲು ಜಾರಿ ಬಿದ್ದಿದ್ದು, ಗಾಯಗೊಂಡಿದ್ದರು. ಹೀಗಾಗಿ ವಿಪರೀತ ನೋವಿನಿಂದ ಅಸ್ವಸ್ಥಗೊಂಡ ಅವರನ್ನು ಕೂಡಲೇ ಸಮೀಪದ ಖಾಸಗಿ ಆಸ್ಪತ್ರೆಗೆ ಕರೆದೊಯ್ದು ದಾಖಲಿಸಲಾಗಿದೆ. ವೈದ್ಯರು ತಕ್ಷಣಕ್ಕೆ ಸೂಕ್ತ ಕ್ರಮ ಕೈಗೊಂಡಿದ್ದು, ಸಾಲುಮರದ ತಿಮ್ಮಕ್ಕ ಅವರಿಗೆ ಚಿಕಿತ್ಸೆ ಮುಂದುವರಿದಿದೆ. ಬೆನ್ನಿನ ಭಾಗಕ್ಕೆ ಸ್ವಲ್ಪ ಪೆಟ್ಟಾಗಿದೆ, ಉಳಿದಂತೆ ಯಾವುದೇ ಸಮಸ್ಯೆ ಇಲ್ಲ ಎಂದು ಕೌಟುಂಬಿಕ ಮೂಲದಿಂದ ತಿಳಿದುಬಂದಿದೆ.

ಕೆಂಪೇಗೌಡ ವಿಮಾನ ನಿಲ್ದಾಣ: 12 ನಿಮಿಷ ಮೊದಲೇ,
6 ಪ್ರಯಾಣಿಕರ ಬಿಟ್ಟು ಹೋದ ಇಂಡಿಗೋ ವಿಮಾನ

ಬೆಂಗಳೂರು, ಆ.6– ಬೆಂಗಳೂರಿನಿಂದ ಮಂಗಳೂರಿಗೆ ತೆರಳುತ್ತಿದ್ದ ಇಂಡಿಗೋ ವಿಮಾನವೊಂದು 12 ನಿಮಿಷ ಮೊದಲೇ, 6 ಪ್ರಯಾಣಿಕರ ಬಿಟ್ಟು ಹೋದ ಘಟನೆ ಬೆಂಗಳೂರಿನ ಕೆಂಪೇಗೌಡ ಅಂತಾರಾಷ್ಟ್ರೀಯ ವಿಮಾನ ನಿಲ್ದಾಣದಲ್ಲಿ ನಡೆದಿದ್ದು, ತಡವಾಗಿ ಈ ಘಟನೆ ಬೆಳಕಿಗೆ ಬಂದಿದೆ.

ಕೆಂಪೇಗೌಡ ಅಂತರರಾಷ್ಟ್ರೀಯ ವಿಮಾನ ನಿಲ್ದಾಣದಿಂದ ಕಳೆದ ಶುಕ್ರವಾರ (ಆಗಸ್ಟ್ 4) ದಂದು ಮಂಗಳೂರಿಗೆ ತೆರಳಬೇಕಿದ್ದ ಇಂಡಿಗೋ ವಿಮಾನವು ನಿಗದಿತ ಸಮಯಕ್ಕಿಂತ 12 ನಿಮಿಷ ಮೊದಲೇ ಹಾರಾಟ ಮಾಡಿದ್ದರ ಪರಿಣಾಮವಾಗಿ

6 ಜನ ಪ್ರಯಾಣಿಕರಿಗೆ ವಿಮಾನ ತಪ್ಪಿದ್ದು, ಮಾಡದ ತಪ್ಪಿಗೆ ಸತತ 6 ಗಂಟೆಗಳ ಕಾಲ ವಿಮಾನ ನಿಲ್ದಾಣದಲ್ಲಿಯೇ ಕಾದು ಕುಳಿತಿದ್ದಾರೆ.

ಬೆಂಗಳೂರಿನಿಂದ ಮಂಗಳೂರಿಗೆ ಹೋಗುತ್ತಿದ್ದ ಇಂಡಿಗೋ 6ಇ 6162 ವಿಮಾನವು ಶುಕ್ರವಾರ ಮಧ್ಯಾಹ್ನ 2.55ಕ್ಕೆ ಹಾರಾಟ ಆರಂಭಿಸಬೇಕಿದ್ದು, ನಿಗದಿತ ಅವಧಿಗೂ ಮುನ್ನ, ಅಂದರೆ ಮಧ್ಯಾಹ್ನ 2.43ಕ್ಕೆ ಹೊರಟ ಪರಿಣಾಮ 6 ಜನ ಪ್ರಯಾಣಿಕರಿಗೆ ವಿಮಾನ ಮಿಸ್ ಆಗಿದ್ದು, ವಿಮಾನ ಹತ್ತಲು ತೆರಳುವ ವೇಳೆಯಲ್ಲಿ ಎಲ್ಲ ಬಾಗಿಲುಗಳು ಮುಚ್ಚಿವೆ ಎಂದು ತಿಳಿದು ಬಂದಿದೆ. ಆದರೆ ಇಂಡಿಗೋ, ಪ್ರಯಾಣಿಕರ ಆರೋಪವನ್ನು ತಳ್ಳಿಹಾಕಿದೆ.
